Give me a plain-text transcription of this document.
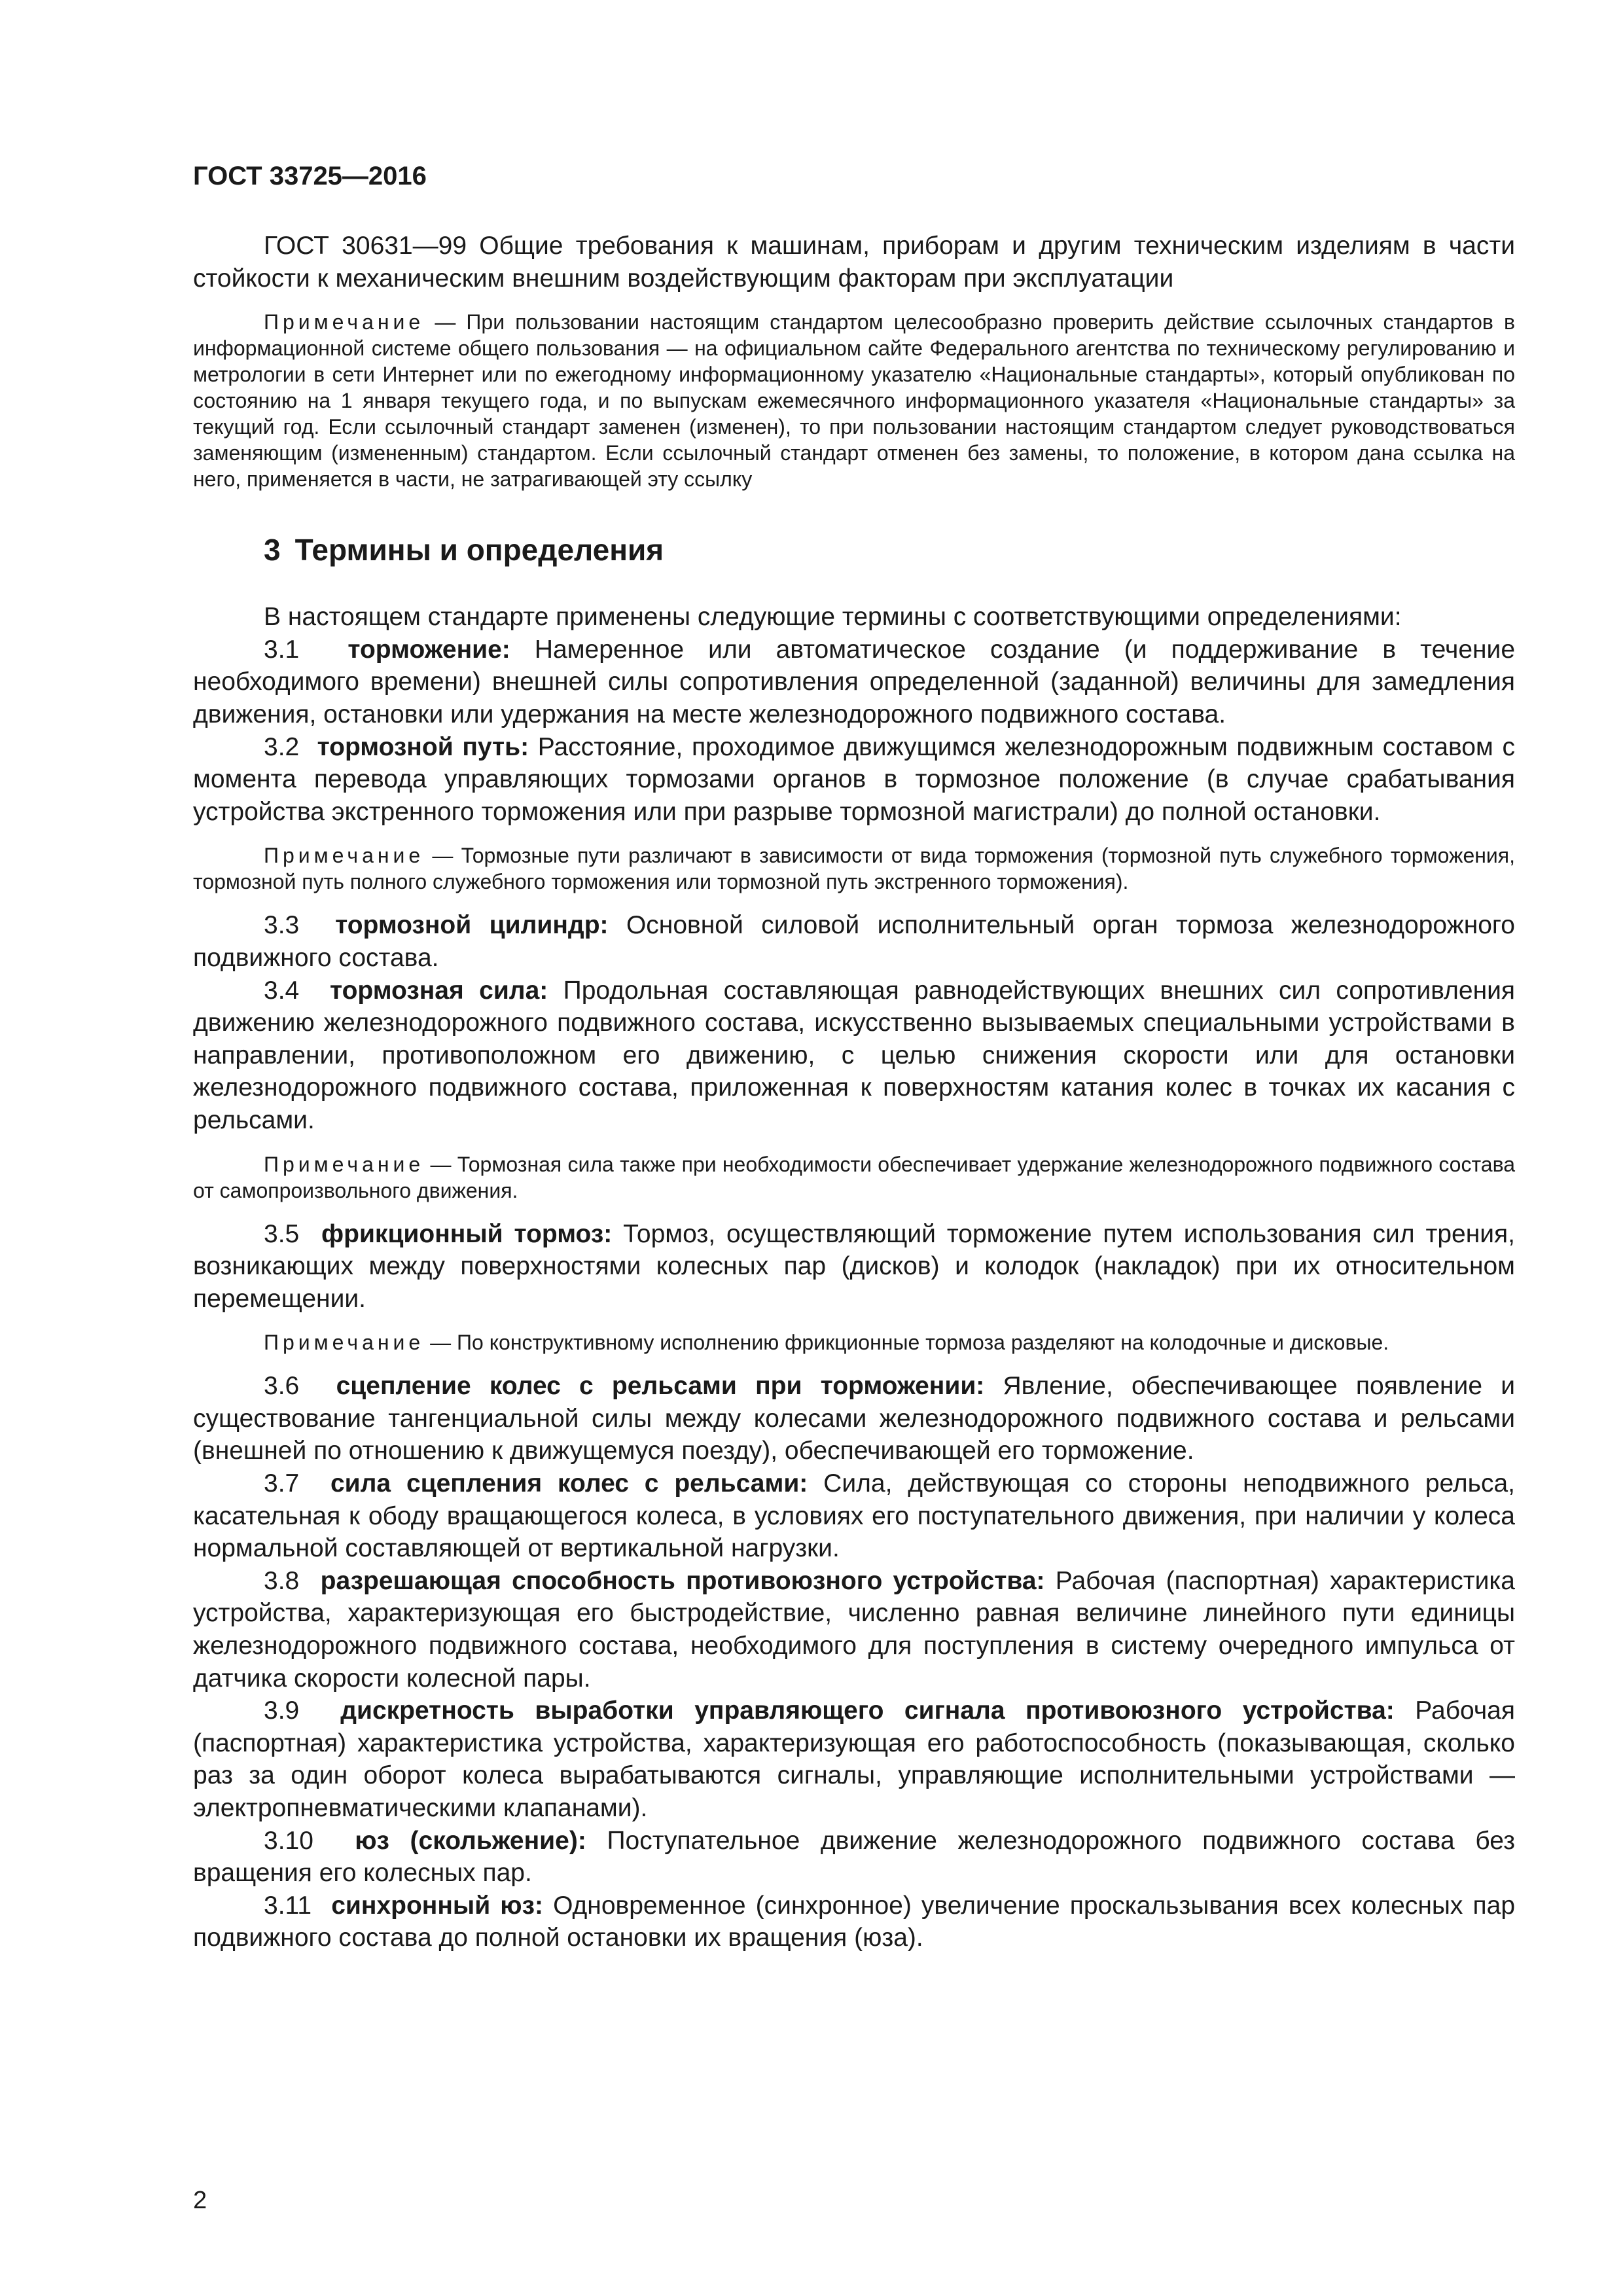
ГОСТ 33725—2016

ГОСТ 30631—99 Общие требования к машинам, приборам и другим техническим изделиям в части стойкости к механическим внешним воздействующим факторам при эксплуатации

Примечание — При пользовании настоящим стандартом целесообразно проверить действие ссылочных стандартов в информационной системе общего пользования — на официальном сайте Федерального агентства по техническому регулированию и метрологии в сети Интернет или по ежегодному информационному указателю «Национальные стандарты», который опубликован по состоянию на 1 января текущего года, и по выпускам ежемесячного информационного указателя «Национальные стандарты» за текущий год. Если ссылочный стандарт заменен (изменен), то при пользовании настоящим стандартом следует руководствоваться заменяющим (измененным) стандартом. Если ссылочный стандарт отменен без замены, то положение, в котором дана ссылка на него, применяется в части, не затрагивающей эту ссылку

3 Термины и определения

В настоящем стандарте применены следующие термины с соответствующими определениями:

3.1 торможение: Намеренное или автоматическое создание (и поддерживание в течение необходимого времени) внешней силы сопротивления определенной (заданной) величины для замедления движения, остановки или удержания на месте железнодорожного подвижного состава.

3.2 тормозной путь: Расстояние, проходимое движущимся железнодорожным подвижным составом с момента перевода управляющих тормозами органов в тормозное положение (в случае срабатывания устройства экстренного торможения или при разрыве тормозной магистрали) до полной остановки.

Примечание — Тормозные пути различают в зависимости от вида торможения (тормозной путь служебного торможения, тормозной путь полного служебного торможения или тормозной путь экстренного торможения).

3.3 тормозной цилиндр: Основной силовой исполнительный орган тормоза железнодорожного подвижного состава.

3.4 тормозная сила: Продольная составляющая равнодействующих внешних сил сопротивления движению железнодорожного подвижного состава, искусственно вызываемых специальными устройствами в направлении, противоположном его движению, с целью снижения скорости или для остановки железнодорожного подвижного состава, приложенная к поверхностям катания колес в точках их касания с рельсами.

Примечание — Тормозная сила также при необходимости обеспечивает удержание железнодорожного подвижного состава от самопроизвольного движения.

3.5 фрикционный тормоз: Тормоз, осуществляющий торможение путем использования сил трения, возникающих между поверхностями колесных пар (дисков) и колодок (накладок) при их относительном перемещении.

Примечание — По конструктивному исполнению фрикционные тормоза разделяют на колодочные и дисковые.

3.6 сцепление колес с рельсами при торможении: Явление, обеспечивающее появление и существование тангенциальной силы между колесами железнодорожного подвижного состава и рельсами (внешней по отношению к движущемуся поезду), обеспечивающей его торможение.

3.7 сила сцепления колес с рельсами: Сила, действующая со стороны неподвижного рельса, касательная к ободу вращающегося колеса, в условиях его поступательного движения, при наличии у колеса нормальной составляющей от вертикальной нагрузки.

3.8 разрешающая способность противоюзного устройства: Рабочая (паспортная) характеристика устройства, характеризующая его быстродействие, численно равная величине линейного пути единицы железнодорожного подвижного состава, необходимого для поступления в систему очередного импульса от датчика скорости колесной пары.

3.9 дискретность выработки управляющего сигнала противоюзного устройства: Рабочая (паспортная) характеристика устройства, характеризующая его работоспособность (показывающая, сколько раз за один оборот колеса вырабатываются сигналы, управляющие исполнительными устройствами — электропневматическими клапанами).

3.10 юз (скольжение): Поступательное движение железнодорожного подвижного состава без вращения его колесных пар.

3.11 синхронный юз: Одновременное (синхронное) увеличение проскальзывания всех колесных пар подвижного состава до полной остановки их вращения (юза).

2
